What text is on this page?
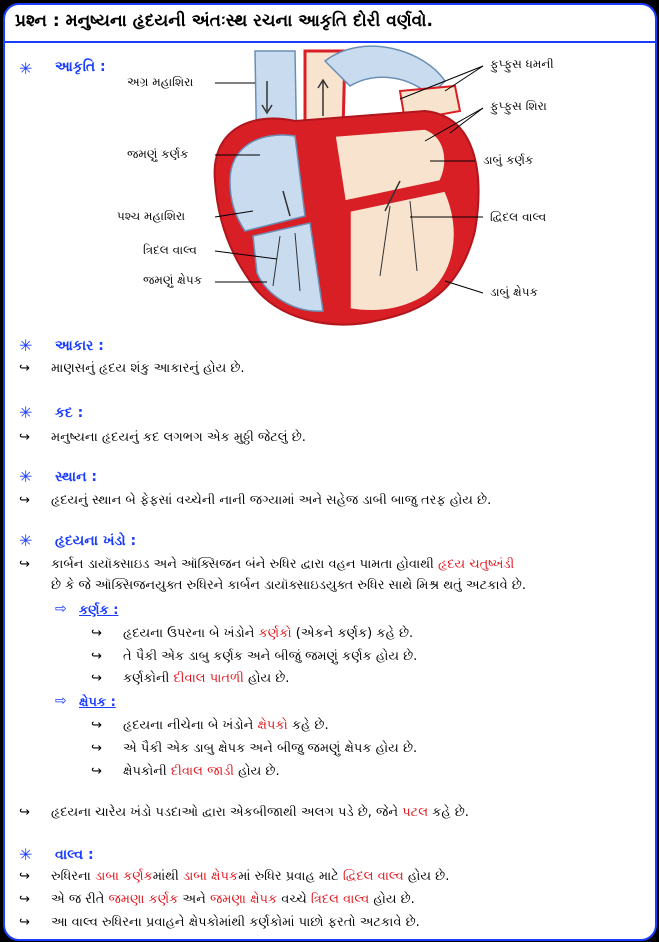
પ્રશ્ન : મનુષ્યના હૃદયની અંતઃસ્થ રચના આકૃતિ દોરી વર્ણવો.
✳ આકૃતિ :
અગ્ર મહાશિરા
જમણું કર્ણક
પશ્ચ મહાશિરા
ત્રિદલ વાલ્વ
જમણું ક્ષેપક
ફુપ્ફુસ ધમની
ફુપ્ફુસ શિરા
ડાબું કર્ણક
દ્વિદલ વાલ્વ
ડાબું ક્ષેપક
✳ આકાર :
↪ માણસનું હૃદય શંકુ આકારનું હોય છે.
✳ કદ :
↪ મનુષ્યના હૃદયનું કદ લગભગ એક મુઠ્ઠી જેટલું છે.
✳ સ્થાન :
↪ હૃદયનું સ્થાન બે ફેફસાં વચ્ચેની નાની જગ્યામાં અને સહેજ ડાબી બાજુ તરફ હોય છે.
✳ હૃદયના ખંડો :
↪ કાર્બન ડાયૉક્સાઇડ અને ઑક્સિજન બંને રુધિર દ્વારા વહન પામતા હોવાથી હૃદય ચતુષ્ખંડી
છે કે જે ઑક્સિજનયુક્ત રુધિરને કાર્બન ડાયૉક્સાઇડયુક્ત રુધિર સાથે મિશ્ર થતું અટકાવે છે.
⇨ કર્ણક :
↪ હૃદયના ઉપરના બે ખંડોને કર્ણકો (એકને કર્ણક) કહે છે.
↪ તે પૈકી એક ડાબુ કર્ણક અને બીજું જમણું કર્ણક હોય છે.
↪ કર્ણકોની દીવાલ પાતળી હોય છે.
⇨ ક્ષેપક :
↪ હૃદયના નીચેના બે ખંડોને ક્ષેપકો કહે છે.
↪ એ પૈકી એક ડાબુ ક્ષેપક અને બીજુ જમણું ક્ષેપક હોય છે.
↪ ક્ષેપકોની દીવાલ જાડી હોય છે.
↪ હૃદયના ચારેય ખંડો પડદાઓ દ્વારા એકબીજાથી અલગ પડે છે, જેને પટલ કહે છે.
✳ વાલ્વ :
↪ રુધિરના ડાબા કર્ણકમાંથી ડાબા ક્ષેપકમાં રુધિર પ્રવાહ માટે દ્વિદલ વાલ્વ હોય છે.
↪ એ જ રીતે જમણા કર્ણક અને જમણા ક્ષેપક વચ્ચે ત્રિદલ વાલ્વ હોય છે.
↪ આ વાલ્વ રુધિરના પ્રવાહને ક્ષેપકોમાંથી કર્ણકોમાં પાછો ફરતો અટકાવે છે.
